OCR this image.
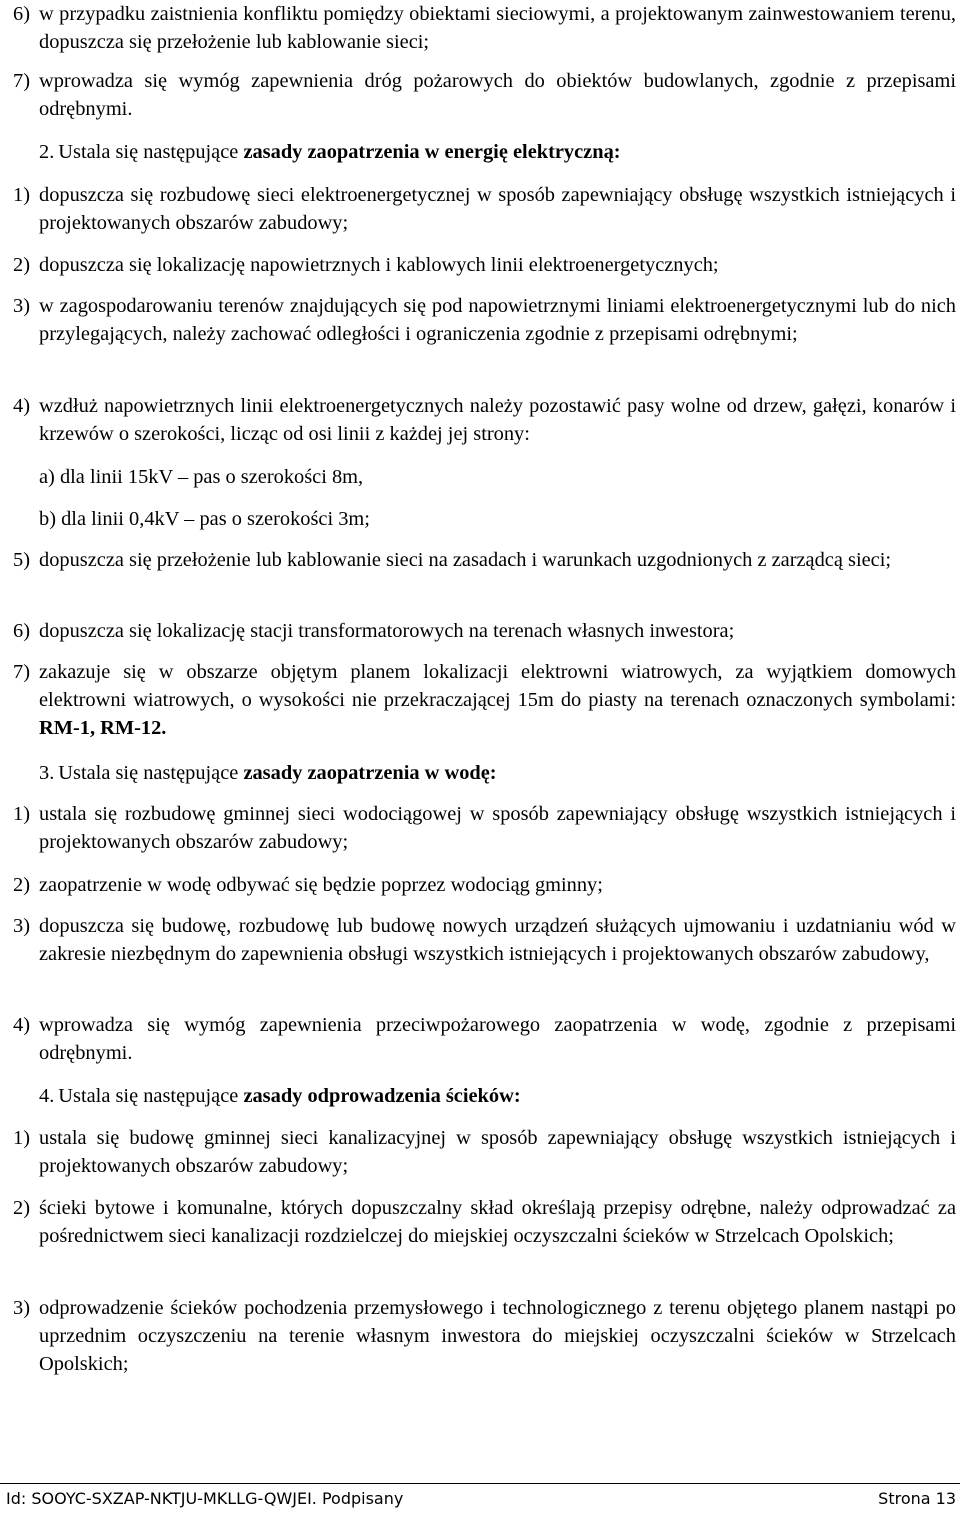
6) w przypadku zaistnienia konfliktu pomiędzy obiektami sieciowymi, a projektowanym zainwestowaniem terenu, dopuszcza się przełożenie lub kablowanie sieci;
7) wprowadza się wymóg zapewnienia dróg pożarowych do obiektów budowlanych, zgodnie z przepisami odrębnymi.
2. Ustala się następujące zasady zaopatrzenia w energię elektryczną:
1) dopuszcza się rozbudowę sieci elektroenergetycznej w sposób zapewniający obsługę wszystkich istniejących i projektowanych obszarów zabudowy;
2) dopuszcza się lokalizację napowietrznych i kablowych linii elektroenergetycznych;
3) w zagospodarowaniu terenów znajdujących się pod napowietrznymi liniami elektroenergetycznymi lub do nich przylegających, należy zachować odległości i ograniczenia zgodnie z przepisami odrębnymi;
4) wzdłuż napowietrznych linii elektroenergetycznych należy pozostawić pasy wolne od drzew, gałęzi, konarów i krzewów o szerokości, licząc od osi linii z każdej jej strony:
a) dla linii 15kV – pas o szerokości 8m,
b) dla linii 0,4kV – pas o szerokości 3m;
5) dopuszcza się przełożenie lub kablowanie sieci na zasadach i warunkach uzgodnionych z zarządcą sieci;
6) dopuszcza się lokalizację stacji transformatorowych na terenach własnych inwestora;
7) zakazuje się w obszarze objętym planem lokalizacji elektrowni wiatrowych, za wyjątkiem domowych elektrowni wiatrowych, o wysokości nie przekraczającej 15m do piasty na terenach oznaczonych symbolami: RM-1, RM-12.
3. Ustala się następujące zasady zaopatrzenia w wodę:
1) ustala się rozbudowę gminnej sieci wodociągowej w sposób zapewniający obsługę wszystkich istniejących i projektowanych obszarów zabudowy;
2) zaopatrzenie w wodę odbywać się będzie poprzez wodociąg gminny;
3) dopuszcza się budowę, rozbudowę lub budowę nowych urządzeń służących ujmowaniu i uzdatnianiu wód w zakresie niezbędnym do zapewnienia obsługi wszystkich istniejących i projektowanych obszarów zabudowy,
4) wprowadza się wymóg zapewnienia przeciwpożarowego zaopatrzenia w wodę, zgodnie z przepisami odrębnymi.
4. Ustala się następujące zasady odprowadzenia ścieków:
1) ustala się budowę gminnej sieci kanalizacyjnej w sposób zapewniający obsługę wszystkich istniejących i projektowanych obszarów zabudowy;
2) ścieki bytowe i komunalne, których dopuszczalny skład określają przepisy odrębne, należy odprowadzać za pośrednictwem sieci kanalizacji rozdzielczej do miejskiej oczyszczalni ścieków w Strzelcach Opolskich;
3) odprowadzenie ścieków pochodzenia przemysłowego i technologicznego z terenu objętego planem nastąpi po uprzednim oczyszczeniu na terenie własnym inwestora do miejskiej oczyszczalni ścieków w Strzelcach Opolskich;
Id: SOOYC-SXZAP-NKTJU-MKLLG-QWJEI. Podpisany	Strona 13
